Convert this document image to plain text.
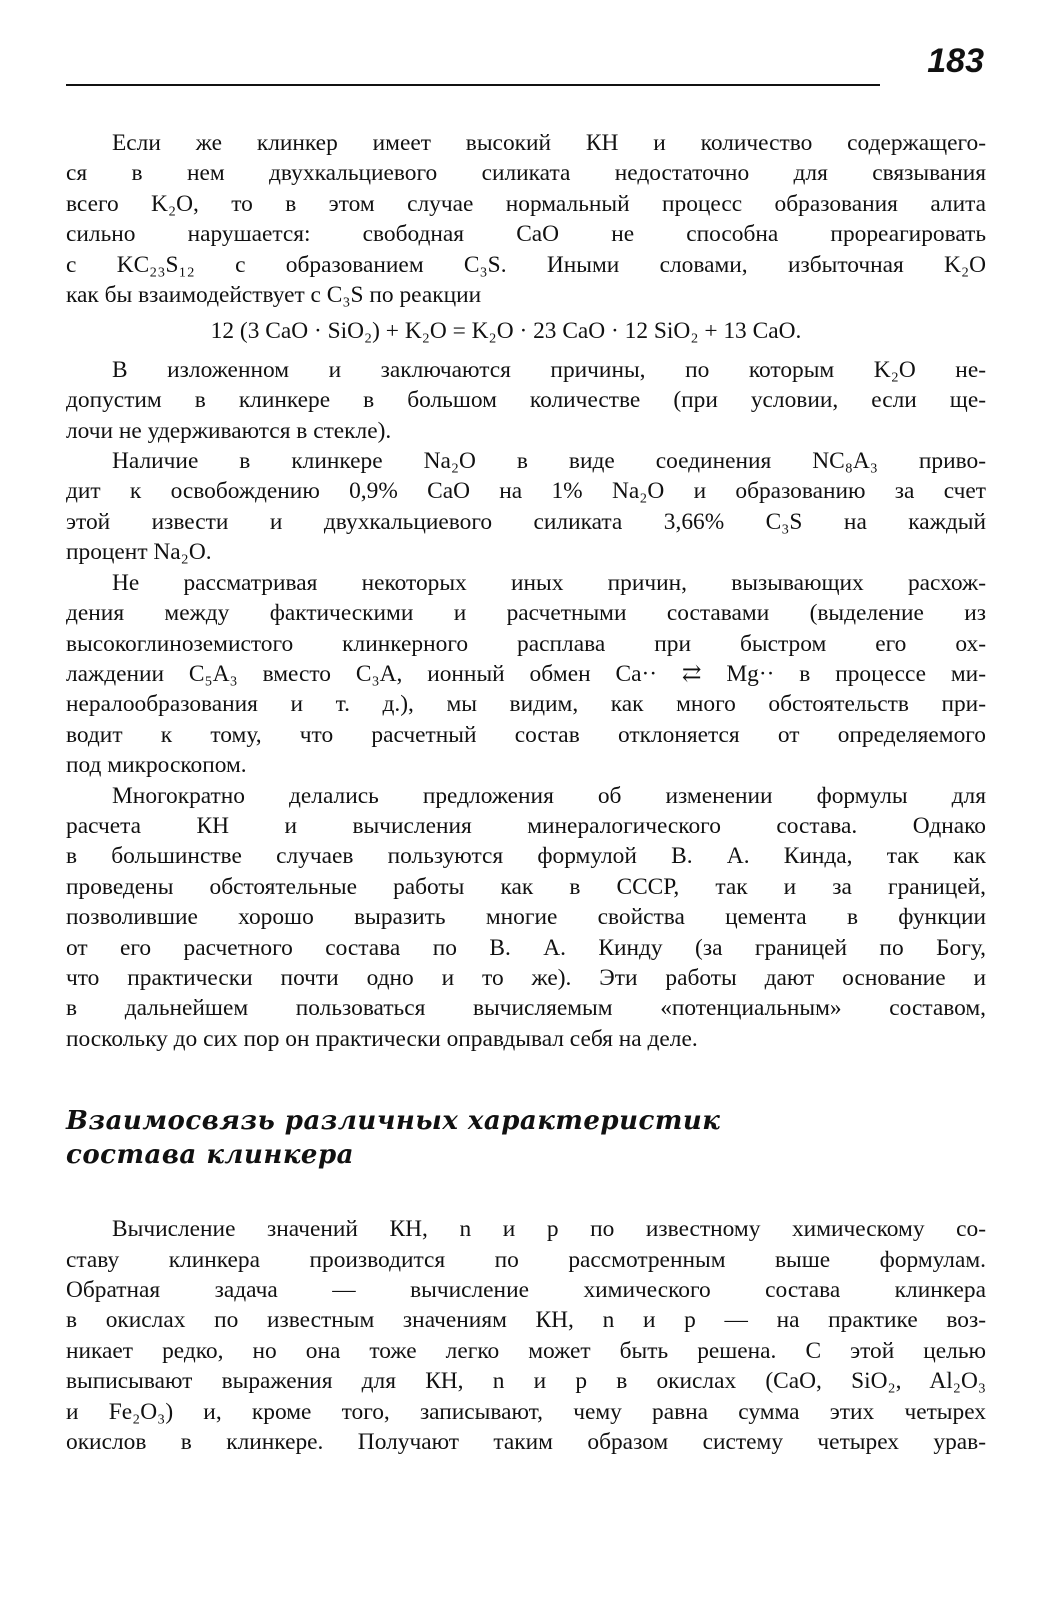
183
Если же клинкер имеет высокий КН и количество содержащего-
ся в нем двухкальциевого силиката недостаточно для связывания
всего K₂O, то в этом случае нормальный процесс образования алита
сильно нарушается: свободная СаО не способна прореагировать
с KC₂₃S₁₂ с образованием C₃S. Иными словами, избыточная K₂O
как бы взаимодействует с C₃S по реакции
12 (3 CaO · SiO₂) + K₂O = K₂O · 23 CaO · 12 SiO₂ + 13 CaO.
В изложенном и заключаются причины, по которым K₂O не-
допустим в клинкере в большом количестве (при условии, если ще-
лочи не удерживаются в стекле).
Наличие в клинкере Na₂O в виде соединения NC₈A₃ приво-
дит к освобождению 0,9% CaO на 1% Na₂O и образованию за счет
этой извести и двухкальциевого силиката 3,66% C₃S на каждый
процент Na₂O.
Не рассматривая некоторых иных причин, вызывающих расхож-
дения между фактическими и расчетными составами (выделение из
высокоглиноземистого клинкерного расплава при быстром его ох-
лаждении C₅A₃ вместо C₃A, ионный обмен Ca·· ⇄ Mg·· в процессе ми-
нералообразования и т. д.), мы видим, как много обстоятельств при-
водит к тому, что расчетный состав отклоняется от определяемого
под микроскопом.
Многократно делались предложения об изменении формулы для
расчета КН и вычисления минералогического состава. Однако
в большинстве случаев пользуются формулой В. А. Кинда, так как
проведены обстоятельные работы как в СССР, так и за границей,
позволившие хорошо выразить многие свойства цемента в функции
от его расчетного состава по В. А. Кинду (за границей по Богу,
что практически почти одно и то же). Эти работы дают основание и
в дальнейшем пользоваться вычисляемым «потенциальным» составом,
поскольку до сих пор он практически оправдывал себя на деле.
Взаимосвязь различных характеристик
состава клинкера
Вычисление значений КН, n и p по известному химическому со-
ставу клинкера производится по рассмотренным выше формулам.
Обратная задача — вычисление химического состава клинкера
в окислах по известным значениям КН, n и p — на практике воз-
никает редко, но она тоже легко может быть решена. С этой целью
выписывают выражения для КН, n и p в окислах (CaO, SiO₂, Al₂O₃
и Fe₂O₃) и, кроме того, записывают, чему равна сумма этих четырех
окислов в клинкере. Получают таким образом систему четырех урав-
